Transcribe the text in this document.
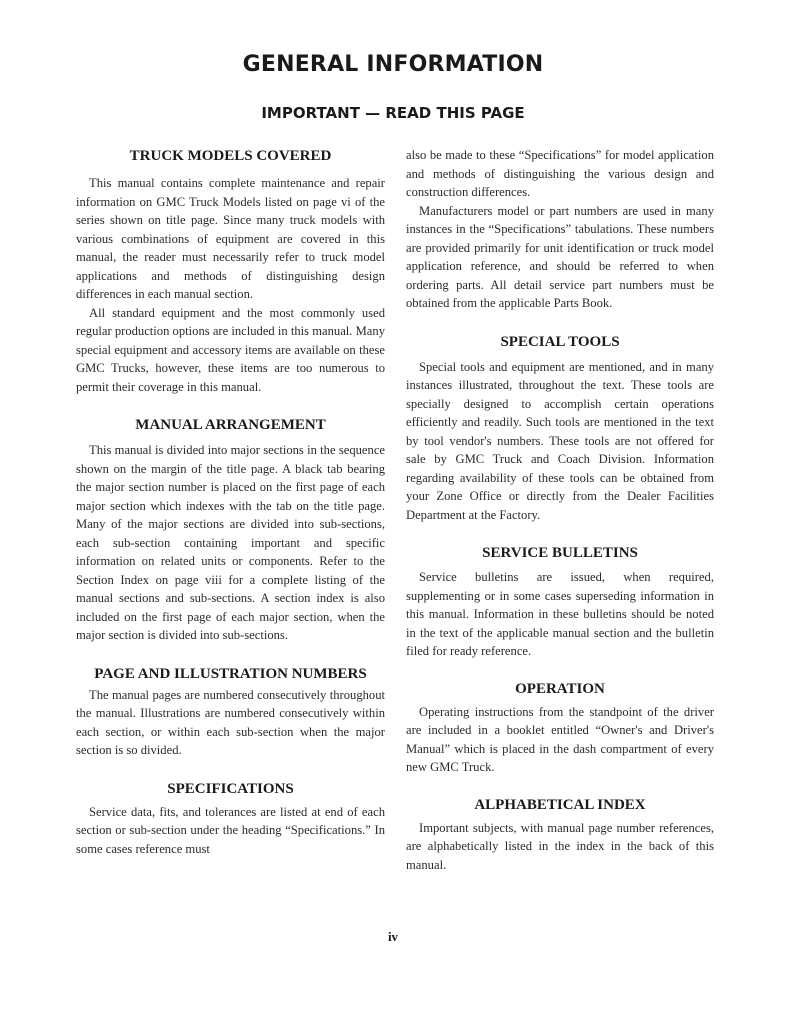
GENERAL INFORMATION
IMPORTANT — READ THIS PAGE
TRUCK MODELS COVERED

This manual contains complete maintenance and repair information on GMC Truck Models listed on page vi of the series shown on title page. Since many truck models with various combinations of equipment are covered in this manual, the reader must necessarily refer to truck model applications and methods of distinguishing design differences in each manual section.

All standard equipment and the most commonly used regular production options are included in this manual. Many special equipment and accessory items are available on these GMC Trucks, however, these items are too numerous to permit their coverage in this manual.

MANUAL ARRANGEMENT

This manual is divided into major sections in the sequence shown on the margin of the title page. A black tab bearing the major section number is placed on the first page of each major section which indexes with the tab on the title page. Many of the major sections are divided into sub-sections, each sub-section containing important and specific information on related units or components. Refer to the Section Index on page viii for a complete listing of the manual sections and sub-sections. A section index is also included on the first page of each major section, when the major section is divided into sub-sections.

PAGE AND ILLUSTRATION NUMBERS

The manual pages are numbered consecutively throughout the manual. Illustrations are numbered consecutively within each section, or within each sub-section when the major section is so divided.

SPECIFICATIONS

Service data, fits, and tolerances are listed at end of each section or sub-section under the heading “Specifications.” In some cases reference must

also be made to these “Specifications” for model application and methods of distinguishing the various design and construction differences.

Manufacturers model or part numbers are used in many instances in the “Specifications” tabulations. These numbers are provided primarily for unit identification or truck model application reference, and should be referred to when ordering parts. All detail service part numbers must be obtained from the applicable Parts Book.

SPECIAL TOOLS

Special tools and equipment are mentioned, and in many instances illustrated, throughout the text. These tools are specially designed to accomplish certain operations efficiently and readily. Such tools are mentioned in the text by tool vendor's numbers. These tools are not offered for sale by GMC Truck and Coach Division. Information regarding availability of these tools can be obtained from your Zone Office or directly from the Dealer Facilities Department at the Factory.

SERVICE BULLETINS

Service bulletins are issued, when required, supplementing or in some cases superseding information in this manual. Information in these bulletins should be noted in the text of the applicable manual section and the bulletin filed for ready reference.

OPERATION

Operating instructions from the standpoint of the driver are included in a booklet entitled “Owner's and Driver's Manual” which is placed in the dash compartment of every new GMC Truck.

ALPHABETICAL INDEX

Important subjects, with manual page number references, are alphabetically listed in the index in the back of this manual.

iv
